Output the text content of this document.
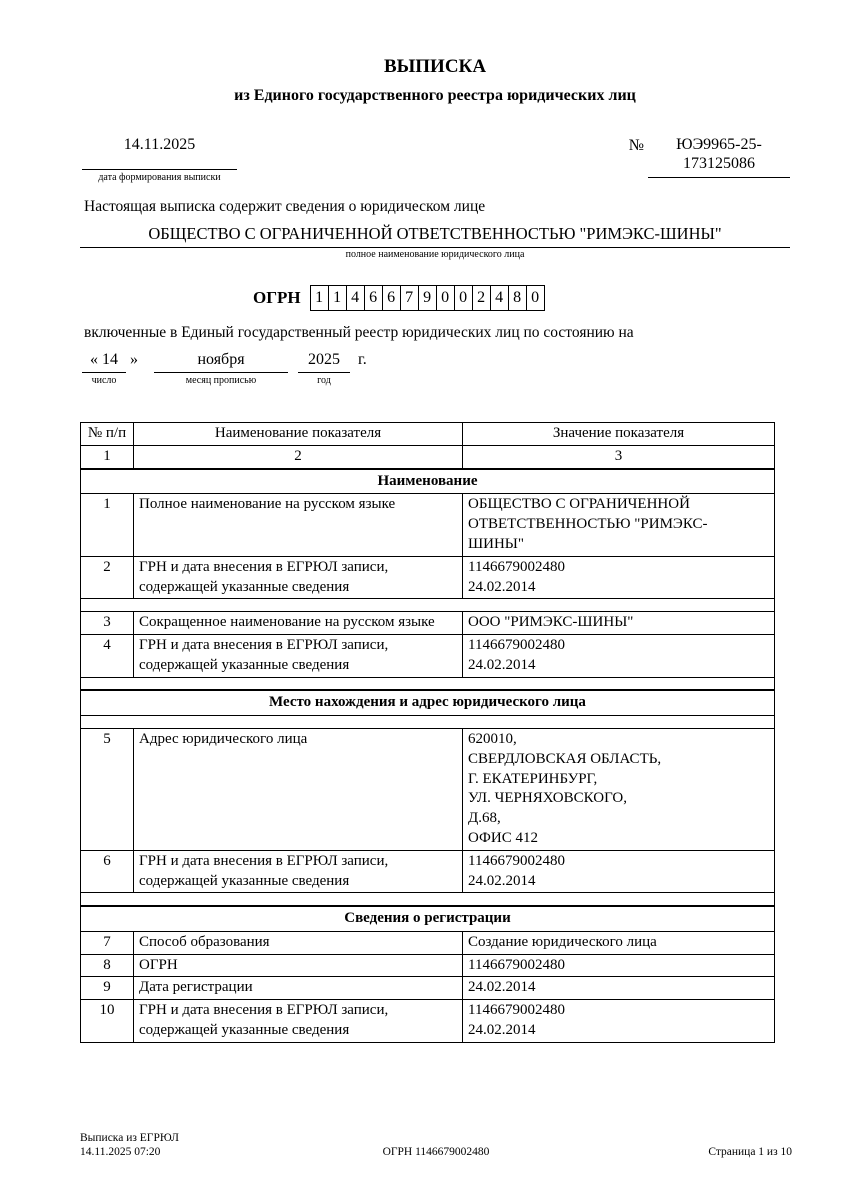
ВЫПИСКА
из Единого государственного реестра юридических лиц
14.11.2025
дата формирования выписки
№	ЮЭ9965-25-
173125086
Настоящая выписка содержит сведения о юридическом лице
ОБЩЕСТВО С ОГРАНИЧЕННОЙ ОТВЕТСТВЕННОСТЬЮ "РИМЭКС-ШИНЫ"
полное наименование юридического лица
ОГРН 1 1 4 6 6 7 9 0 0 2 4 8 0
включенные в Единый государственный реестр юридических лиц по состоянию на
« 14
число
»	ноября
месяц прописью
2025
год
г.
№ п/п	Наименование показателя	Значение показателя
1	2	3
Наименование		
1	Полное наименование на русском языке	ОБЩЕСТВО С ОГРАНИЧЕННОЙ
ОТВЕТСТВЕННОСТЬЮ "РИМЭКС-
ШИНЫ"
2	ГРН и дата внесения в ЕГРЮЛ записи, содержащей указанные сведения	1146679002480
24.02.2014

3	Сокращенное наименование на русском языке	ООО "РИМЭКС-ШИНЫ"
4	ГРН и дата внесения в ЕГРЮЛ записи, содержащей указанные сведения	1146679002480
24.02.2014

Место нахождения и адрес юридического лица		

5	Адрес юридического лица	620010,
СВЕРДЛОВСКАЯ ОБЛАСТЬ,
Г. ЕКАТЕРИНБУРГ,
УЛ. ЧЕРНЯХОВСКОГО,
Д.68,
ОФИС 412
6	ГРН и дата внесения в ЕГРЮЛ записи, содержащей указанные сведения	1146679002480
24.02.2014

Сведения о регистрации		
7	Способ образования	Создание юридического лица
8	ОГРН	1146679002480
9	Дата регистрации	24.02.2014
10	ГРН и дата внесения в ЕГРЮЛ записи, содержащей указанные сведения	1146679002480
24.02.2014
Выписка из ЕГРЮЛ
14.11.2025 07:20	ОГРН 1146679002480	Страница 1 из 10
